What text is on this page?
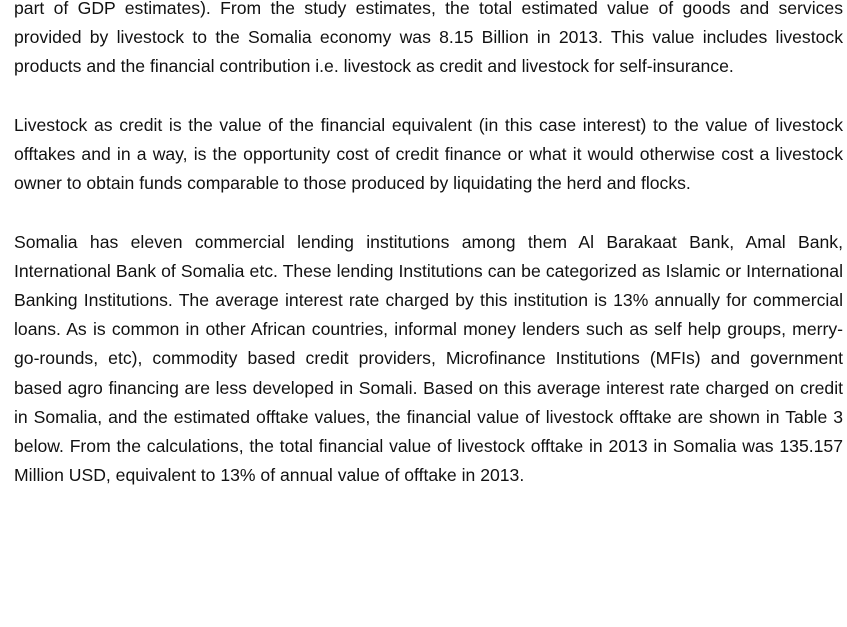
part of GDP estimates). From the study estimates, the total estimated value of goods and services provided by livestock to the Somalia economy was 8.15 Billion in 2013. This value includes livestock products and the financial contribution i.e. livestock as credit and livestock for self-insurance.

Livestock as credit is the value of the financial equivalent (in this case interest) to the value of livestock offtakes and in a way, is the opportunity cost of credit finance or what it would otherwise cost a livestock owner to obtain funds comparable to those produced by liquidating the herd and flocks.

Somalia has eleven commercial lending institutions among them Al Barakaat Bank, Amal Bank, International Bank of Somalia etc. These lending Institutions can be categorized as Islamic or International Banking Institutions. The average interest rate charged by this institution is 13% annually for commercial loans. As is common in other African countries, informal money lenders such as self help groups, merry-go-rounds, etc), commodity based credit providers, Microfinance Institutions (MFIs) and government based agro financing are less developed in Somali. Based on this average interest rate charged on credit in Somalia, and the estimated offtake values, the financial value of livestock offtake are shown in Table 3 below. From the calculations, the total financial value of livestock offtake in 2013 in Somalia was 135.157 Million USD, equivalent to 13% of annual value of offtake in 2013.
